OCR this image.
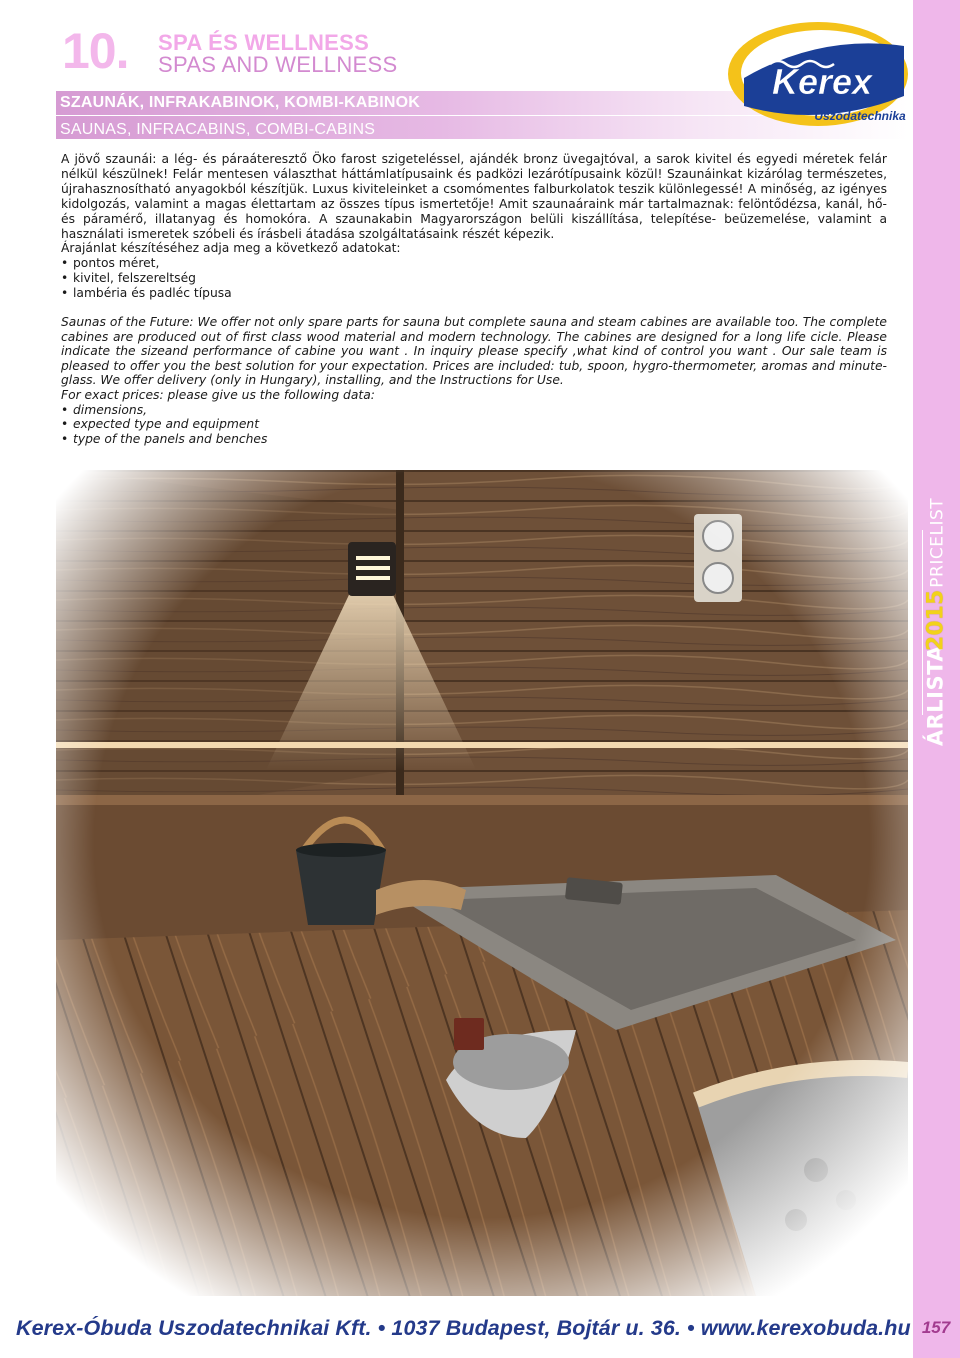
ÁRLISTA
2015
PRICELIST
157
10. SPA ÉS WELLNESS
SPAS AND WELLNESS
SZAUNÁK, INFRAKABINOK, KOMBI-KABINOK
SAUNAS, INFRACABINS, COMBI-CABINS
Kerex
Uszodatechnika

A jövő szaunái: a lég- és páraáteresztő Öko farost szigeteléssel, ajándék bronz üvegajtóval, a sarok kivitel és egyedi méretek felár nélkül készülnek! Felár mentesen választhat háttámlatípusaink és padközi lezárótípusaink közül! Szaunáinkat kizárólag természetes, újrahasznosítható anyagokból készítjük. Luxus kiviteleinket a csomómentes falburkolatok teszik különlegessé! A minőség, az igényes kidolgozás, valamint a magas élettartam az összes típus ismertetője! Amit szaunaáraink már tartalmaznak: felöntődézsa, kanál, hő- és páramérő, illatanyag és homokóra. A szaunakabin Magyarországon belüli kiszállítása, telepítése- beüzemelése, valamint a használati ismeretek szóbeli és írásbeli átadása szolgáltatásaink részét képezik.

Árajánlat készítéséhez adja meg a következő adatokat:

• pontos méret,
• kivitel, felszereltség
• lambéria és padléc típusa

Saunas of the Future: We offer not only spare parts for sauna but complete sauna and steam cabines are available too. The complete cabines are produced out of first class wood material and modern technology. The cabines are designed for a long life cicle. Please indicate the sizeand performance of cabine you want . In inquiry please specify ,what kind of control you want . Our sale team is pleased to offer you the best solution for your expectation. Prices are included: tub, spoon, hygro-thermometer, aromas and minute-glass. We offer delivery (only in Hungary), installing, and the Instructions for Use.

For exact prices: please give us the following data:

• dimensions,
• expected type and equipment
• type of the panels and benches
Kerex-Óbuda Uszodatechnikai Kft. • 1037 Budapest, Bojtár u. 36. • www.kerexobuda.hu
